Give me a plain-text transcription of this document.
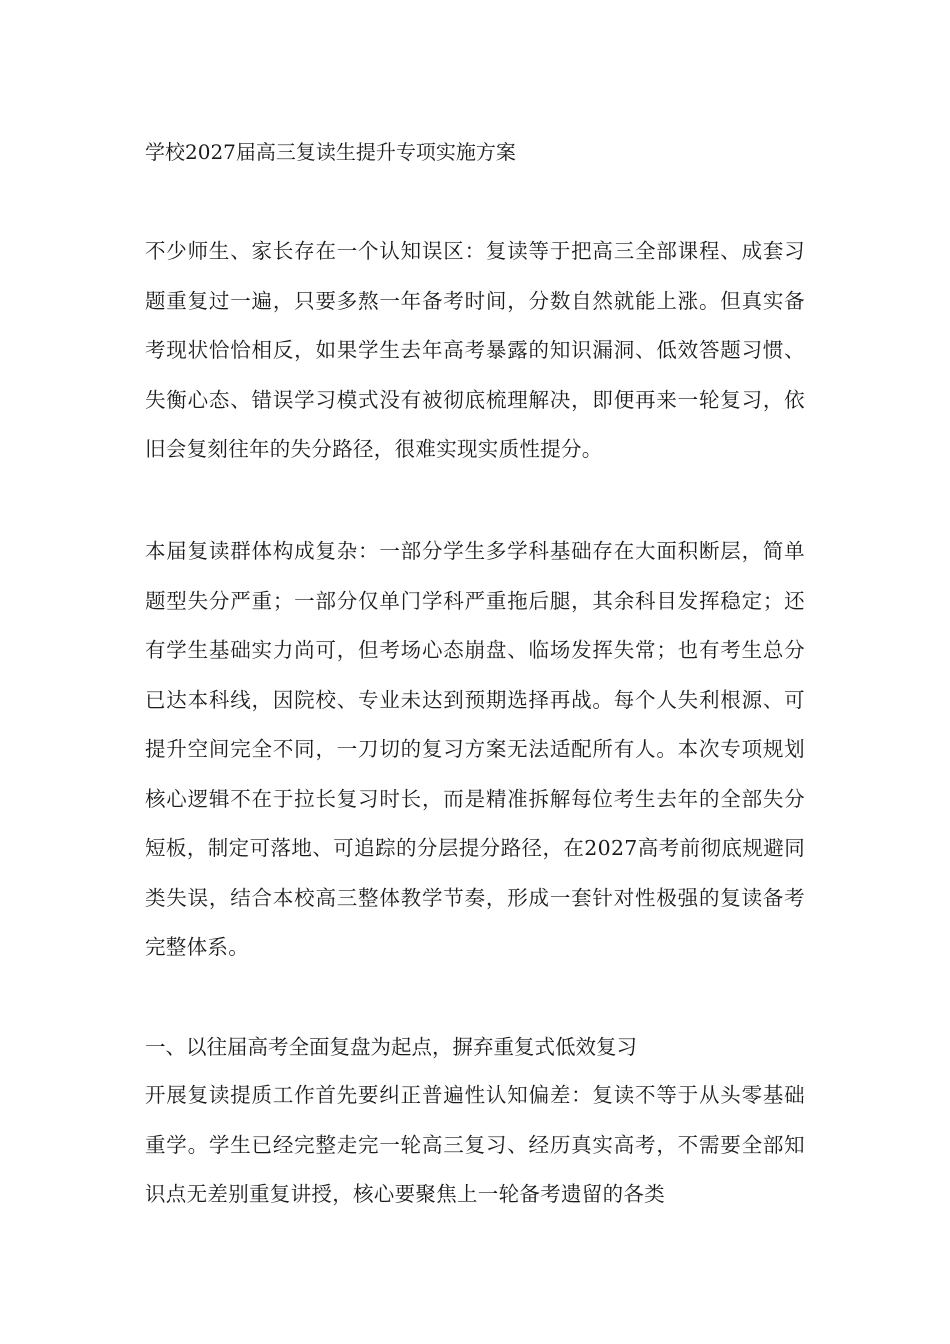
学校2027届高三复读生提升专项实施方案
不少师生、家长存在一个认知误区：复读等于把高三全部课程、成套习题重复过一遍，只要多熬一年备考时间，分数自然就能上涨。但真实备考现状恰恰相反，如果学生去年高考暴露的知识漏洞、低效答题习惯、失衡心态、错误学习模式没有被彻底梳理解决，即便再来一轮复习，依旧会复刻往年的失分路径，很难实现实质性提分。
本届复读群体构成复杂：一部分学生多学科基础存在大面积断层，简单题型失分严重；一部分仅单门学科严重拖后腿，其余科目发挥稳定；还有学生基础实力尚可，但考场心态崩盘、临场发挥失常；也有考生总分已达本科线，因院校、专业未达到预期选择再战。每个人失利根源、可提升空间完全不同，一刀切的复习方案无法适配所有人。本次专项规划核心逻辑不在于拉长复习时长，而是精准拆解每位考生去年的全部失分短板，制定可落地、可追踪的分层提分路径，在2027高考前彻底规避同类失误，结合本校高三整体教学节奏，形成一套针对性极强的复读备考完整体系。
一、以往届高考全面复盘为起点，摒弃重复式低效复习
开展复读提质工作首先要纠正普遍性认知偏差：复读不等于从头零基础重学。学生已经完整走完一轮高三复习、经历真实高考，不需要全部知识点无差别重复讲授，核心要聚焦上一轮备考遗留的各类
